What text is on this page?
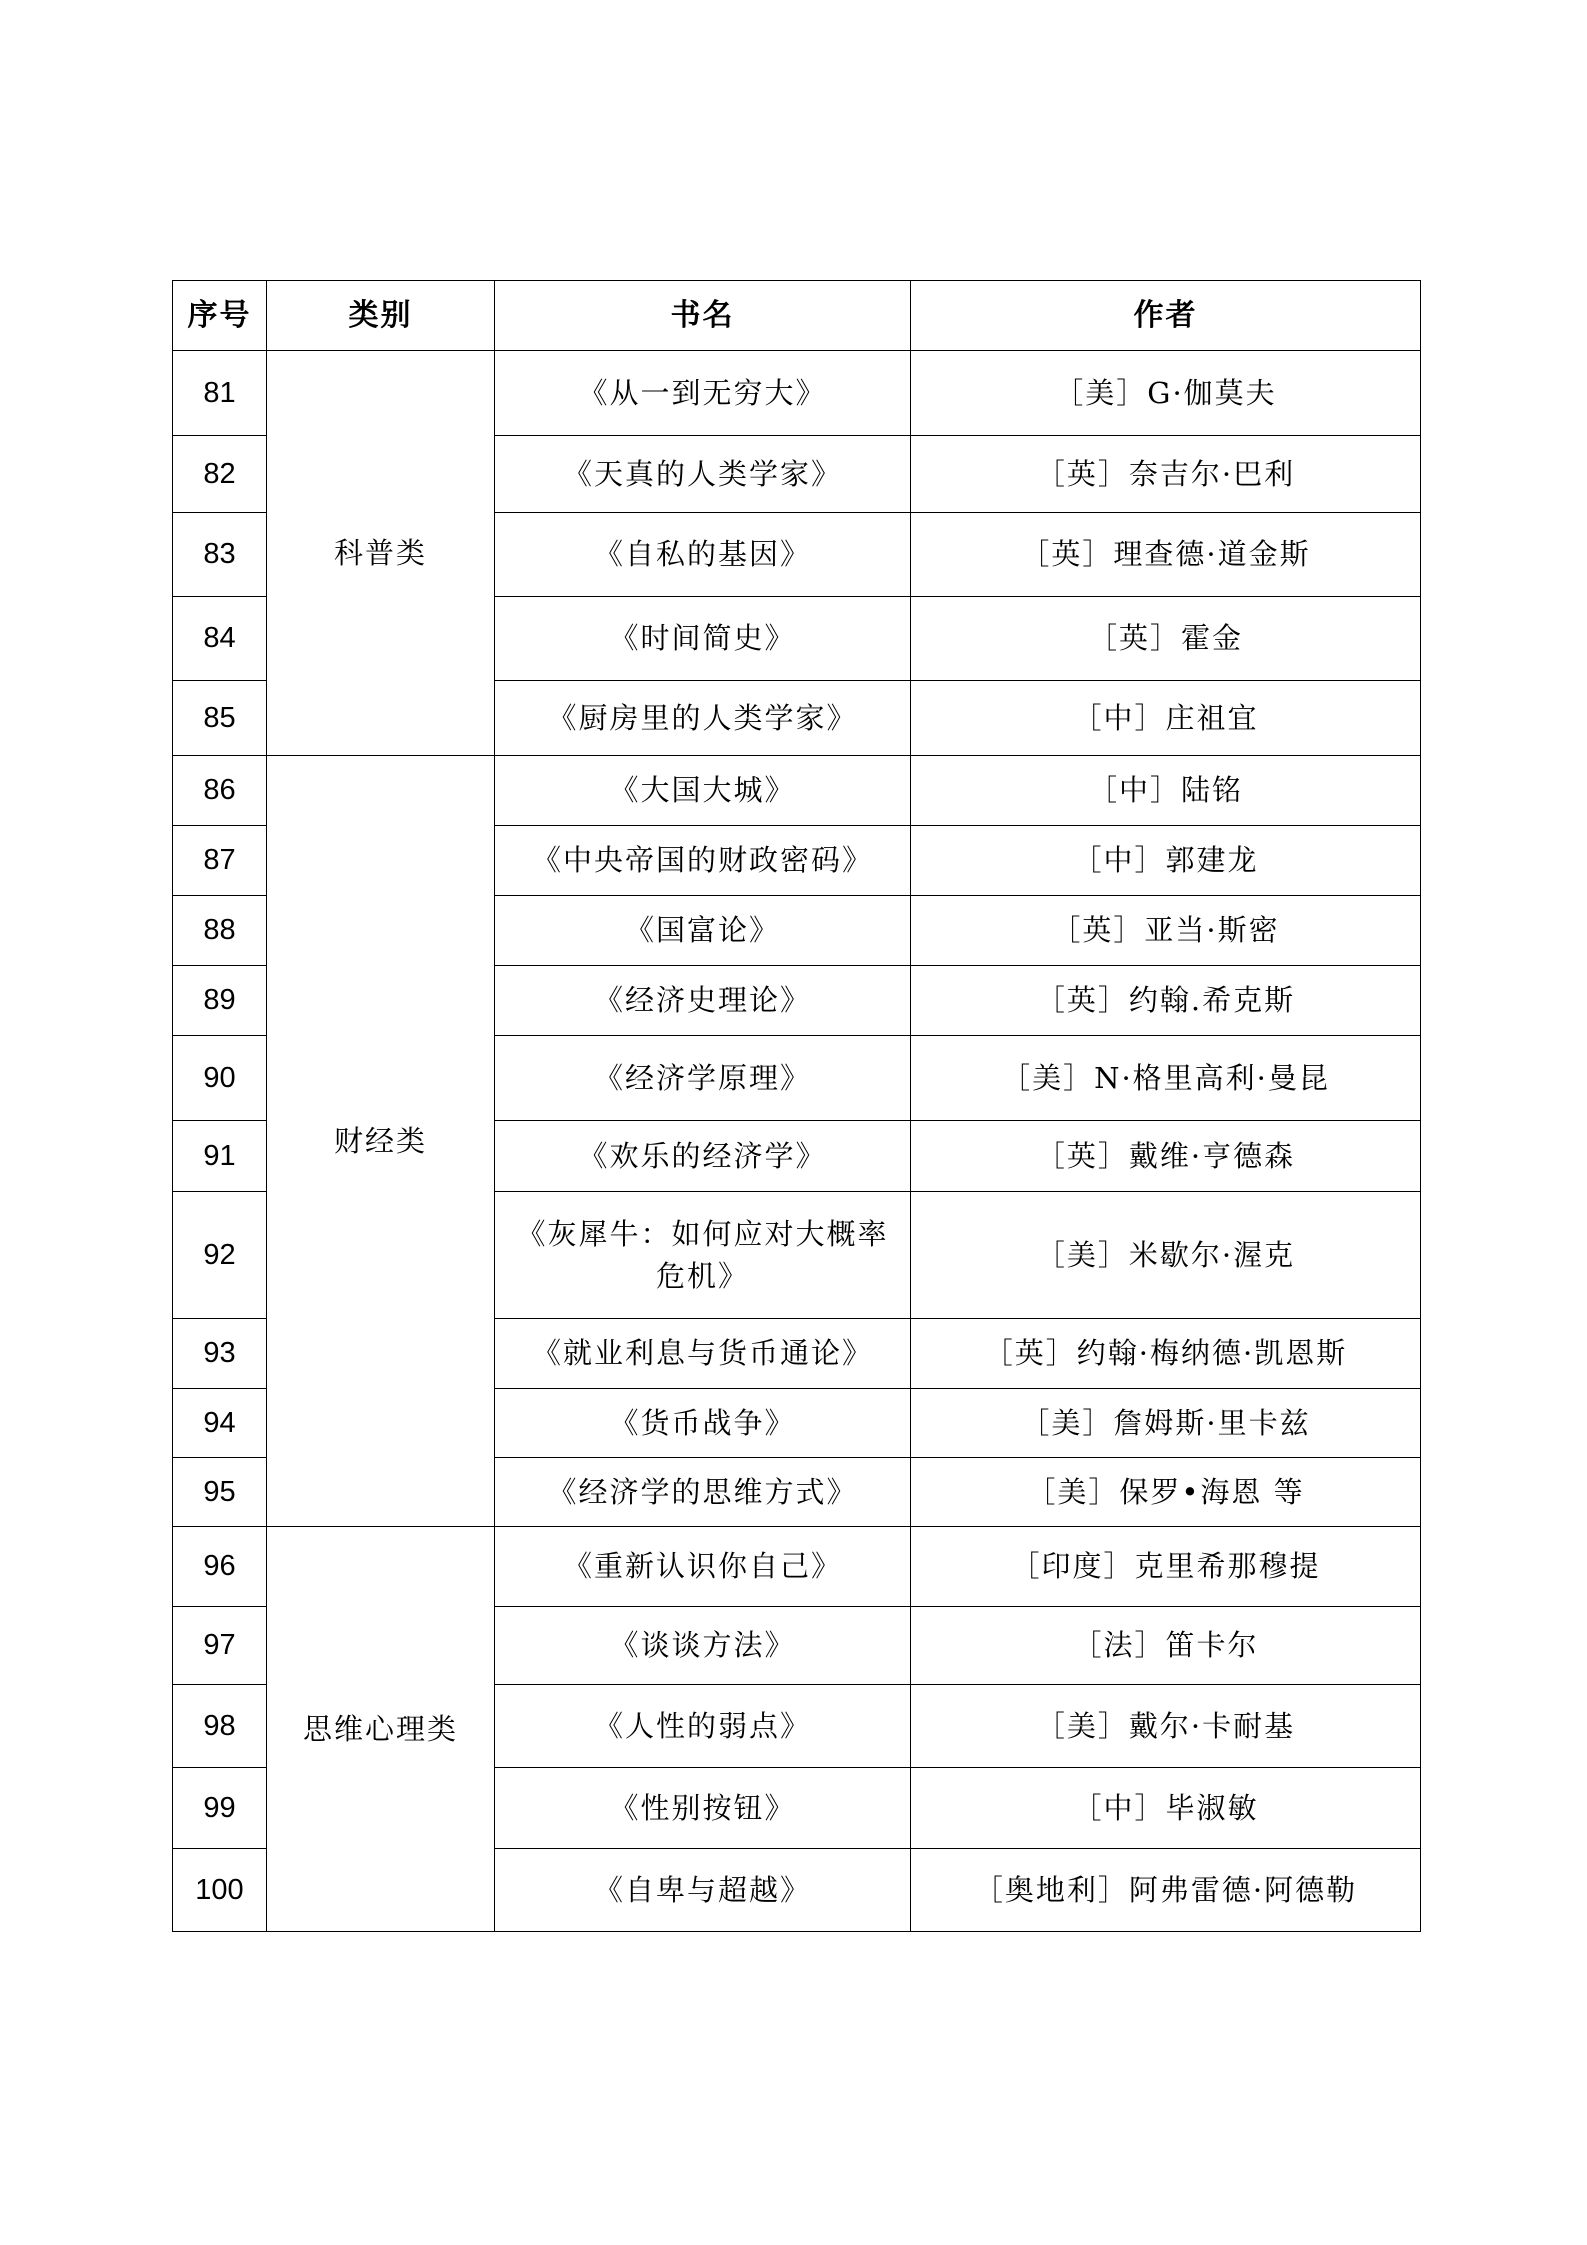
序号	类别	书名	作者
81	科普类	《从一到无穷大》	［美］G·伽莫夫
82		《天真的人类学家》	［英］奈吉尔·巴利
83		《自私的基因》	［英］理查德·道金斯
84		《时间简史》	［英］霍金
85		《厨房里的人类学家》	［中］庄祖宜
86	财经类	《大国大城》	［中］陆铭
87		《中央帝国的财政密码》	［中］郭建龙
88		《国富论》	［英］亚当·斯密
89		《经济史理论》	［英］约翰.希克斯
90		《经济学原理》	［美］N·格里高利·曼昆
91		《欢乐的经济学》	［英］戴维·亨德森
92		《灰犀牛：如何应对大概率危机》	［美］米歇尔·渥克
93		《就业利息与货币通论》	［英］约翰·梅纳德·凯恩斯
94		《货币战争》	［美］詹姆斯·里卡兹
95		《经济学的思维方式》	［美］保罗•海恩 等
96	思维心理类	《重新认识你自己》	［印度］克里希那穆提
97		《谈谈方法》	［法］笛卡尔
98		《人性的弱点》	［美］戴尔·卡耐基
99		《性别按钮》	［中］毕淑敏
100		《自卑与超越》	［奥地利］阿弗雷德·阿德勒
